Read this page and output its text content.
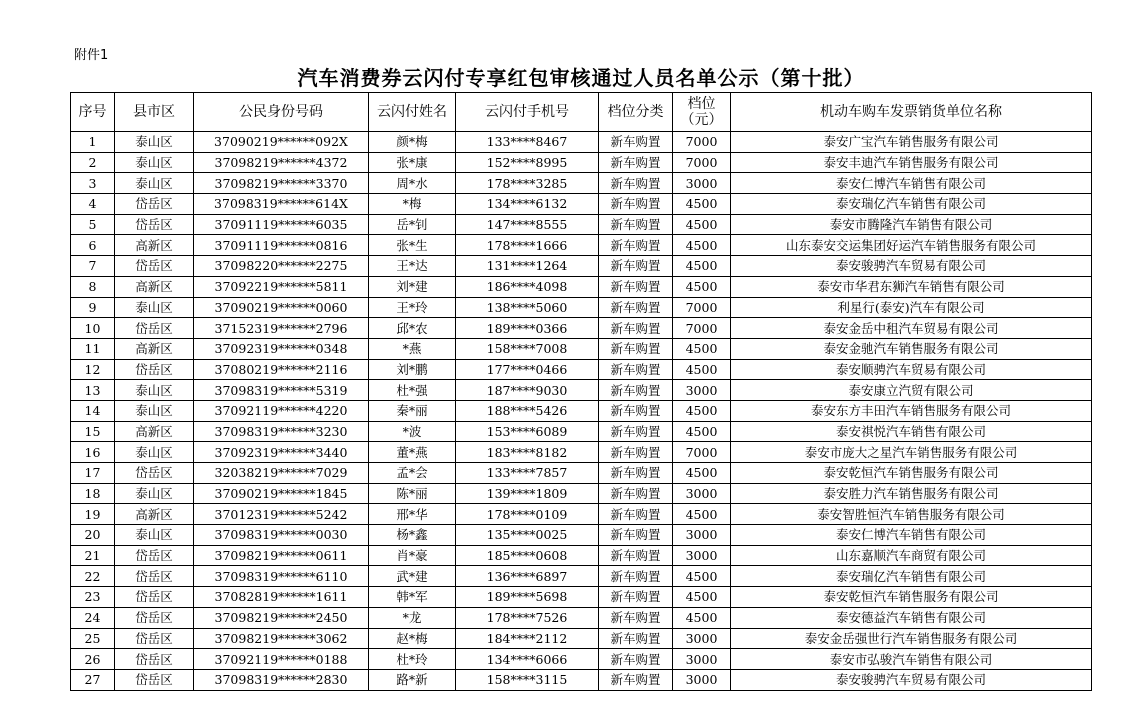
附件1
汽车消费券云闪付专享红包审核通过人员名单公示（第十批）
序号	县市区	公民身份号码	云闪付姓名	云闪付手机号	档位分类	档位
（元）	机动车购车发票销货单位名称
1	泰山区	37090219******092X	颜*梅	133****8467	新车购置	7000	泰安广宝汽车销售服务有限公司
2	泰山区	37098219******4372	张*康	152****8995	新车购置	7000	泰安丰迪汽车销售服务有限公司
3	泰山区	37098219******3370	周*水	178****3285	新车购置	3000	泰安仁博汽车销售有限公司
4	岱岳区	37098319******614X	*梅	134****6132	新车购置	4500	泰安瑞亿汽车销售有限公司
5	岱岳区	37091119******6035	岳*钊	147****8555	新车购置	4500	泰安市腾隆汽车销售有限公司
6	高新区	37091119******0816	张*生	178****1666	新车购置	4500	山东泰安交运集团好运汽车销售服务有限公司
7	岱岳区	37098220******2275	王*达	131****1264	新车购置	4500	泰安骏骋汽车贸易有限公司
8	高新区	37092219******5811	刘*建	186****4098	新车购置	4500	泰安市华君东狮汽车销售有限公司
9	泰山区	37090219******0060	王*玲	138****5060	新车购置	7000	利星行(泰安)汽车有限公司
10	岱岳区	37152319******2796	邱*农	189****0366	新车购置	7000	泰安金岳中租汽车贸易有限公司
11	高新区	37092319******0348	*燕	158****7008	新车购置	4500	泰安金驰汽车销售服务有限公司
12	岱岳区	37080219******2116	刘*鹏	177****0466	新车购置	4500	泰安顺骋汽车贸易有限公司
13	泰山区	37098319******5319	杜*强	187****9030	新车购置	3000	泰安康立汽贸有限公司
14	泰山区	37092119******4220	秦*丽	188****5426	新车购置	4500	泰安东方丰田汽车销售服务有限公司
15	高新区	37098319******3230	*波	153****6089	新车购置	4500	泰安祺悦汽车销售有限公司
16	泰山区	37092319******3440	董*燕	183****8182	新车购置	7000	泰安市庞大之星汽车销售服务有限公司
17	岱岳区	32038219******7029	孟*会	133****7857	新车购置	4500	泰安乾恒汽车销售服务有限公司
18	泰山区	37090219******1845	陈*丽	139****1809	新车购置	3000	泰安胜力汽车销售服务有限公司
19	高新区	37012319******5242	邢*华	178****0109	新车购置	4500	泰安智胜恒汽车销售服务有限公司
20	泰山区	37098319******0030	杨*鑫	135****0025	新车购置	3000	泰安仁博汽车销售有限公司
21	岱岳区	37098219******0611	肖*豪	185****0608	新车购置	3000	山东嘉顺汽车商贸有限公司
22	岱岳区	37098319******6110	武*建	136****6897	新车购置	4500	泰安瑞亿汽车销售有限公司
23	岱岳区	37082819******1611	韩*军	189****5698	新车购置	4500	泰安乾恒汽车销售服务有限公司
24	岱岳区	37098219******2450	*龙	178****7526	新车购置	4500	泰安德益汽车销售有限公司
25	岱岳区	37098219******3062	赵*梅	184****2112	新车购置	3000	泰安金岳强世行汽车销售服务有限公司
26	岱岳区	37092119******0188	杜*玲	134****6066	新车购置	3000	泰安市弘骏汽车销售有限公司
27	岱岳区	37098319******2830	路*新	158****3115	新车购置	3000	泰安骏骋汽车贸易有限公司
